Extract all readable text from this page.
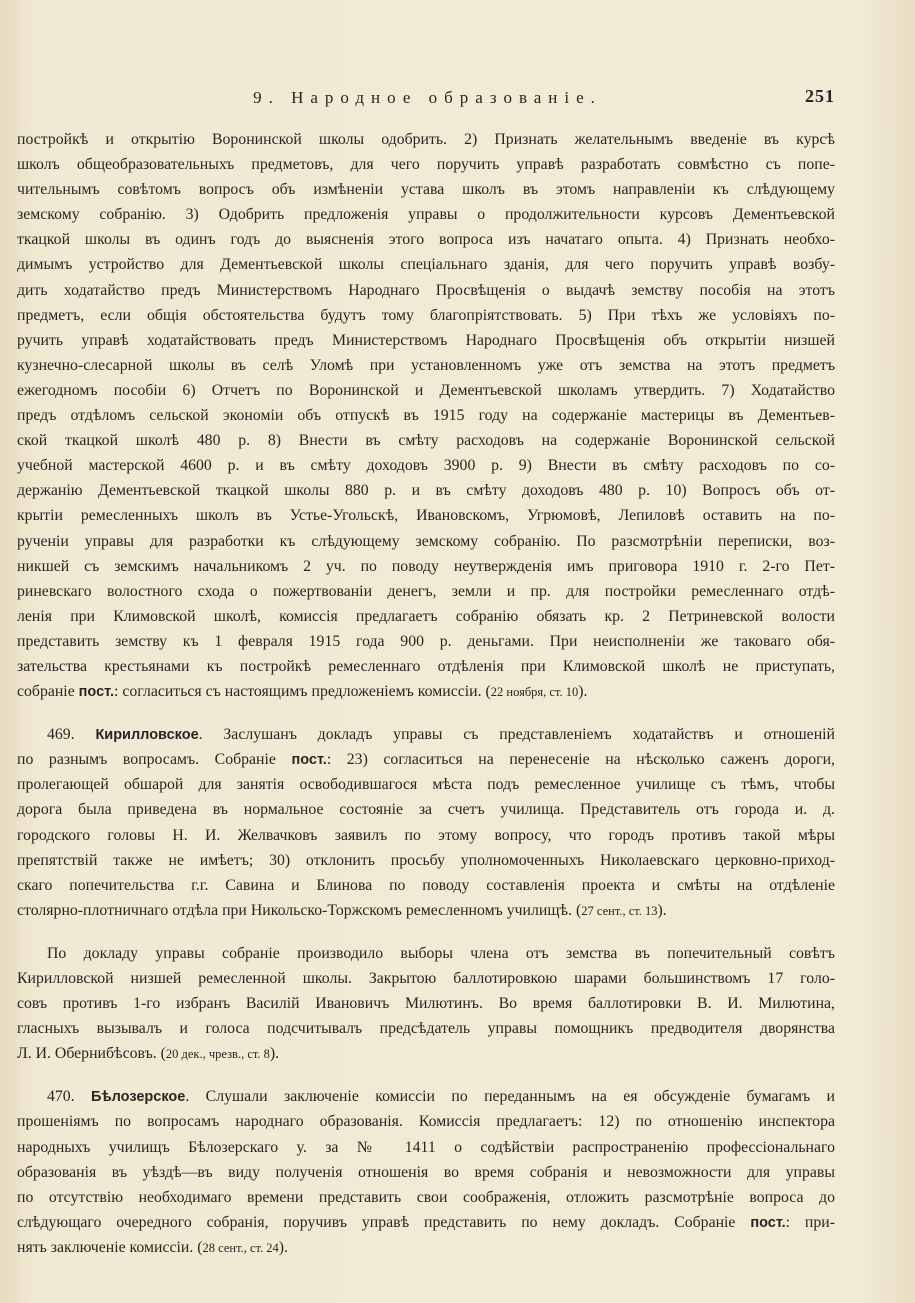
9. Народное образованіе.	251
постройкѣ и открытію Воронинской школы одобрить. 2) Признать желательнымъ введеніе въ курсѣ
школъ общеобразовательныхъ предметовъ, для чего поручить управѣ разработать совмѣстно съ попе-
чительнымъ совѣтомъ вопросъ объ измѣненіи устава школъ въ этомъ направленіи къ слѣдующему
земскому собранію. 3) Одобрить предложенія управы о продолжительности курсовъ Дементьевской
ткацкой школы въ одинъ годъ до выясненія этого вопроса изъ начатаго опыта. 4) Признать необхо-
димымъ устройство для Дементьевской школы спеціальнаго зданія, для чего поручить управѣ возбу-
дить ходатайство предъ Министерствомъ Народнаго Просвѣщенія о выдачѣ земству пособія на этотъ
предметъ, если общія обстоятельства будутъ тому благопріятствовать. 5) При тѣхъ же условіяхъ по-
ручить управѣ ходатайствовать предъ Министерствомъ Народнаго Просвѣщенія объ открытіи низшей
кузнечно-слесарной школы въ селѣ Уломѣ при установленномъ уже отъ земства на этотъ предметъ
ежегодномъ пособіи 6) Отчетъ по Воронинской и Дементьевской школамъ утвердить. 7) Ходатайство
предъ отдѣломъ сельской экономіи объ отпускѣ въ 1915 году на содержаніе мастерицы въ Дементьев-
ской ткацкой школѣ 480 р. 8) Внести въ смѣту расходовъ на содержаніе Воронинской сельской
учебной мастерской 4600 р. и въ смѣту доходовъ 3900 р. 9) Внести въ смѣту расходовъ по со-
держанію Дементьевской ткацкой школы 880 р. и въ смѣту доходовъ 480 р. 10) Вопросъ объ от-
крытіи ремесленныхъ школъ въ Устье-Угольскѣ, Ивановскомъ, Угрюмовѣ, Лепиловѣ оставить на по-
рученіи управы для разработки къ слѣдующему земскому собранію. По разсмотрѣніи переписки, воз-
никшей съ земскимъ начальникомъ 2 уч. по поводу неутвержденія имъ приговора 1910 г. 2-го Пет-
риневскаго волостного схода о пожертвованіи денегъ, земли и пр. для постройки ремесленнаго отдѣ-
ленія при Климовской школѣ, комиссія предлагаетъ собранію обязать кр. 2 Петриневской волости
представить земству къ 1 февраля 1915 года 900 р. деньгами. При неисполненіи же таковаго обя-
зательства крестьянами къ постройкѣ ремесленнаго отдѣленія при Климовской школѣ не приступать,
собраніе пост.: согласиться съ настоящимъ предложеніемъ комиссіи. (22 ноября, ст. 10).
469. Кирилловское. Заслушанъ докладъ управы съ представленіемъ ходатайствъ и отношеній
по разнымъ вопросамъ. Собраніе пост.: 23) согласиться на перенесеніе на нѣсколько саженъ дороги,
пролегающей обшарой для занятія освободившагося мѣста подъ ремесленное училище съ тѣмъ, чтобы
дорога была приведена въ нормальное состояніе за счетъ училища. Представитель отъ города и. д.
городского головы Н. И. Желвачковъ заявилъ по этому вопросу, что городъ противъ такой мѣры
препятствій также не имѣетъ; 30) отклонить просьбу уполномоченныхъ Николаевскаго церковно-приход-
скаго попечительства г.г. Савина и Блинова по поводу составленія проекта и смѣты на отдѣленіе
столярно-плотничнаго отдѣла при Никольско-Торжскомъ ремесленномъ училищѣ. (27 сент., ст. 13).
По докладу управы собраніе производило выборы члена отъ земства въ попечительный совѣтъ
Кирилловской низшей ремесленной школы. Закрытою баллотировкою шарами большинствомъ 17 голо-
совъ противъ 1-го избранъ Василій Ивановичъ Милютинъ. Во время баллотировки В. И. Милютина,
гласныхъ вызывалъ и голоса подсчитывалъ предсѣдатель управы помощникъ предводителя дворянства
Л. И. Обернибѣсовъ. (20 дек., чрезв., ст. 8).
470. Бѣлозерское. Слушали заключеніе комиссіи по переданнымъ на ея обсужденіе бумагамъ и
прошеніямъ по вопросамъ народнаго образованія. Комиссія предлагаетъ: 12) по отношенію инспектора
народныхъ училищъ Бѣлозерскаго у. за № 1411 о содѣйствіи распространенію профессіональнаго
образованія въ уѣздѣ—въ виду полученія отношенія во время собранія и невозможности для управы
по отсутствію необходимаго времени представить свои соображенія, отложить разсмотрѣніе вопроса до
слѣдующаго очередного собранія, поручивъ управѣ представить по нему докладъ. Собраніе пост.: при-
нять заключеніе комиссіи. (28 сент., ст. 24).
